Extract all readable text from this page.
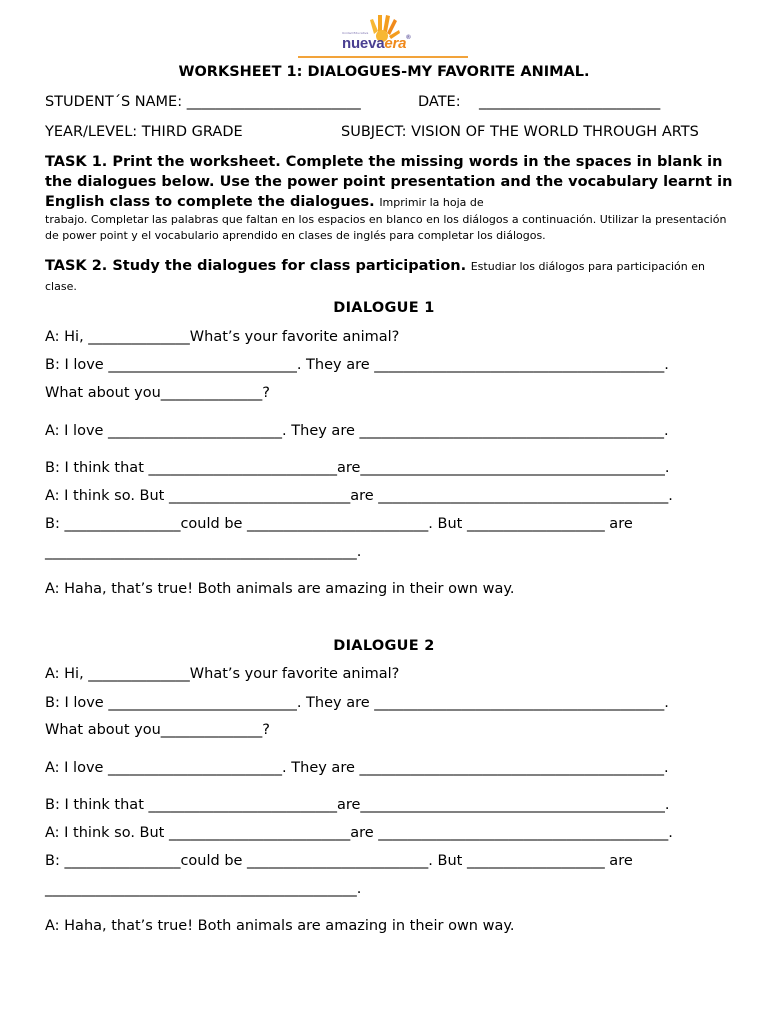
Unidad Educativa
nuevaera®
WORKSHEET 1: DIALOGUES-MY FAVORITE ANIMAL.
STUDENT´S NAME: ________________________	DATE: _________________________
YEAR/LEVEL: THIRD GRADE	SUBJECT: VISION OF THE WORLD THROUGH ARTS
TASK 1. Print the worksheet. Complete the missing words in the spaces in blank in the dialogues below. Use the power point presentation and the vocabulary learnt in English class to complete the dialogues. Imprimir la hoja de
trabajo. Completar las palabras que faltan en los espacios en blanco en los diálogos a continuación. Utilizar la presentación de power point y el vocabulario aprendido en clases de inglés para completar los diálogos.
TASK 2. Study the dialogues for class participation. Estudiar los diálogos para participación en clase.
DIALOGUE 1
A: Hi, ______________What’s your favorite animal?
B: I love __________________________. They are ________________________________________.
What about you______________?
A: I love ________________________. They are __________________________________________.
B: I think that __________________________are__________________________________________.
A: I think so. But _________________________are ________________________________________.
B: ________________could be _________________________. But ___________________ are
___________________________________________.
A: Haha, that’s true! Both animals are amazing in their own way.
DIALOGUE 2
A: Hi, ______________What’s your favorite animal?
B: I love __________________________. They are ________________________________________.
What about you______________?
A: I love ________________________. They are __________________________________________.
B: I think that __________________________are__________________________________________.
A: I think so. But _________________________are ________________________________________.
B: ________________could be _________________________. But ___________________ are
___________________________________________.
A: Haha, that’s true! Both animals are amazing in their own way.
